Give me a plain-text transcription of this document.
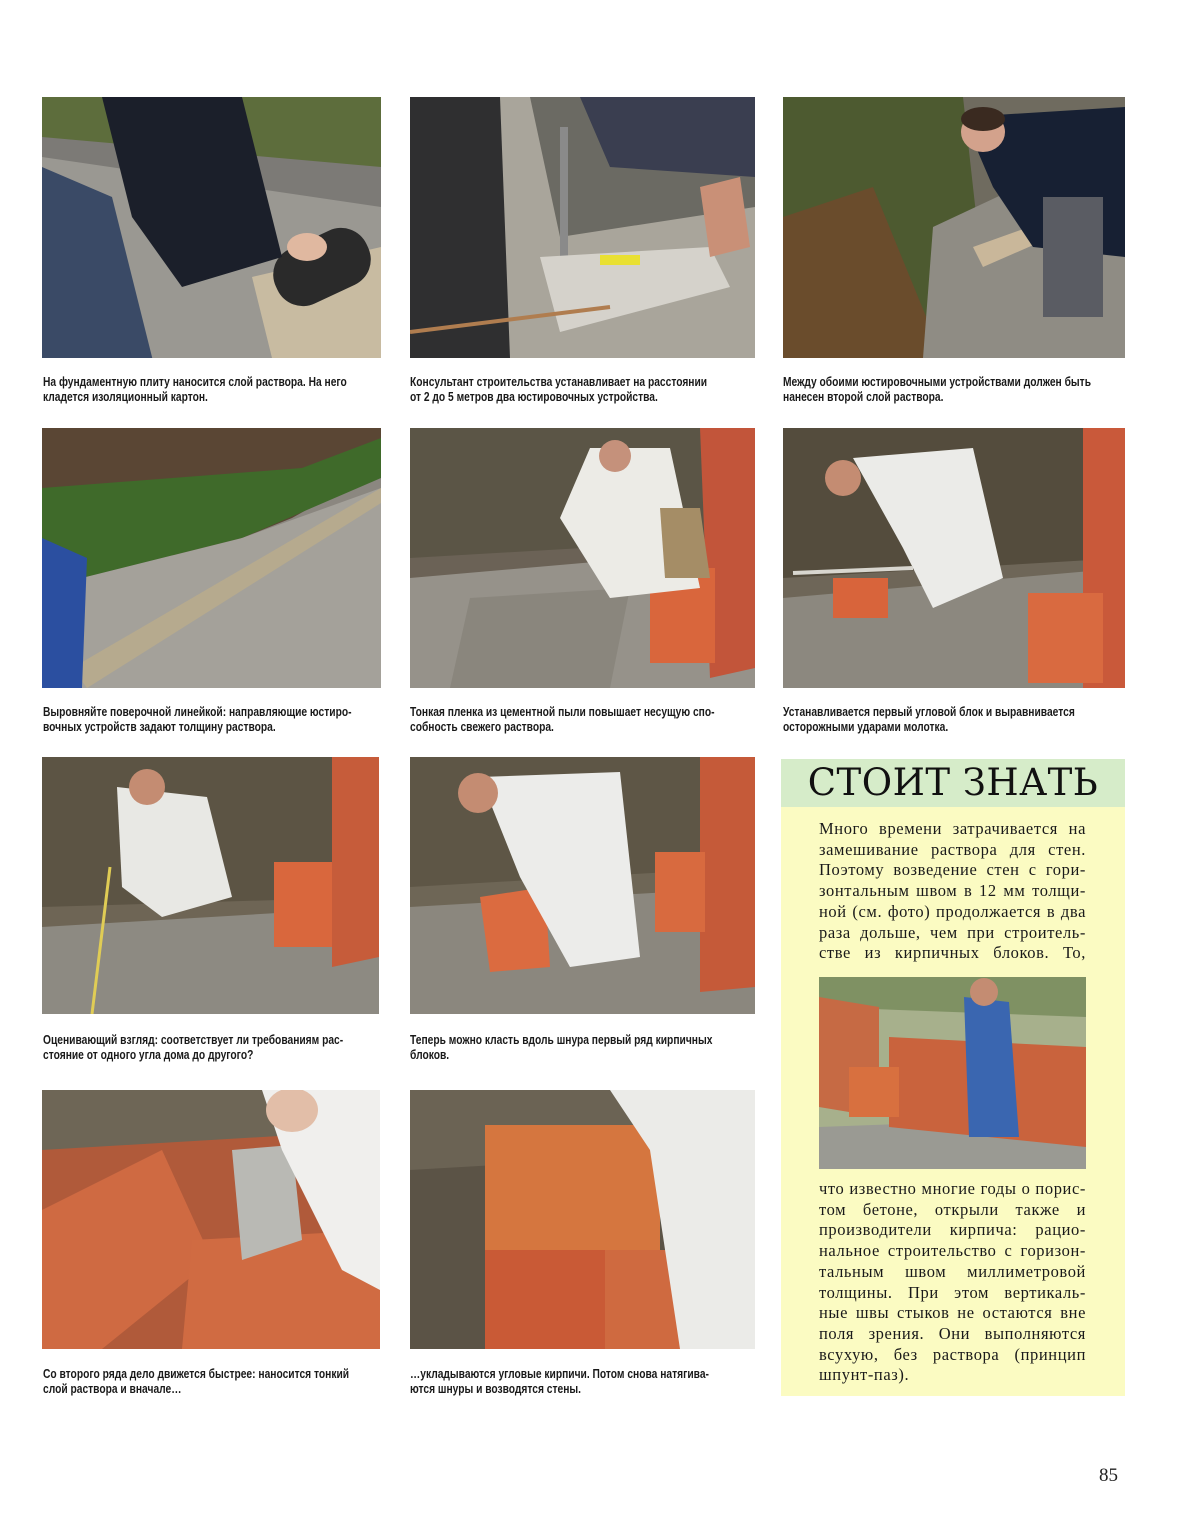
На фундаментную плиту наносится слой раствора. На него
кладется изоляционный картон.
Консультант строительства устанавливает на расстоянии
от 2 до 5 метров два юстировочных устройства.
Между обоими юстировочными устройствами должен быть
нанесен второй слой раствора.
Выровняйте поверочной линейкой: направляющие юстиро-
вочных устройств задают толщину раствора.
Тонкая пленка из цементной пыли повышает несущую спо-
собность свежего раствора.
Устанавливается первый угловой блок и выравнивается
осторожными ударами молотка.
СТОИТ ЗНАТЬ
Много времени затрачивается на
замешивание раствора для стен.
Поэтому возведение стен с гори-
зонтальным швом в 12 мм толщи-
ной (см. фото) продолжается в два
раза дольше, чем при строитель-
стве из кирпичных блоков. То,
что известно многие годы о порис-
том бетоне, открыли также и
производители кирпича: рацио-
нальное строительство с горизон-
тальным швом миллиметровой
толщины. При этом вертикаль-
ные швы стыков не остаются вне
поля зрения. Они выполняются
всухую, без раствора (принцип
шпунт-паз).
Оценивающий взгляд: соответствует ли требованиям рас-
стояние от одного угла дома до другого?
Теперь можно класть вдоль шнура первый ряд кирпичных
блоков.
Со второго ряда дело движется быстрее: наносится тонкий
слой раствора и вначале…
…укладываются угловые кирпичи. Потом снова натягива-
ются шнуры и возводятся стены.
85
